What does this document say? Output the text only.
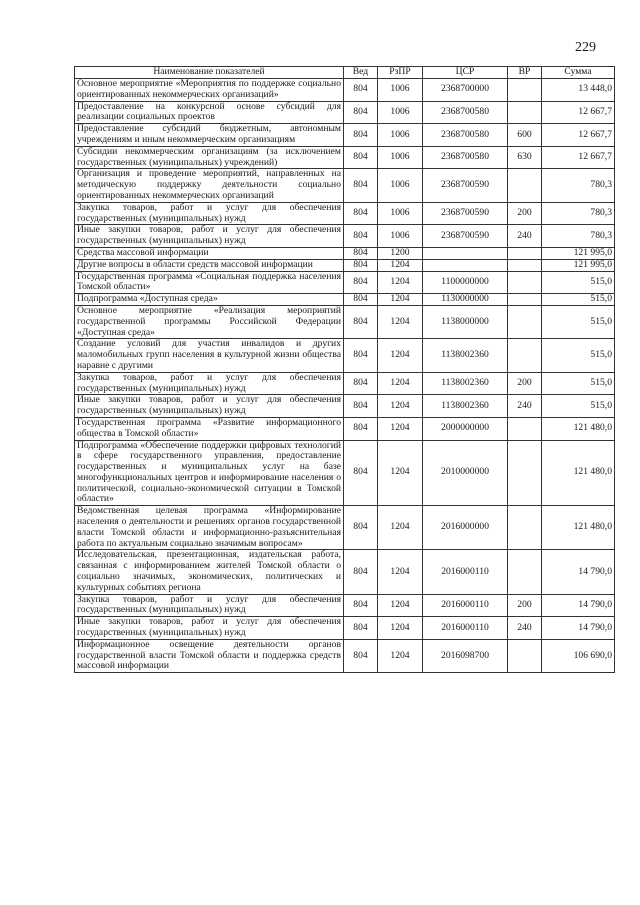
229
Наименование показателей	Вед	РзПР	ЦСР	ВР	Сумма
Основное мероприятие «Мероприятия по поддержке социально ориентированных некоммерческих организаций»	804	1006	2368700000		13 448,0
Предоставление на конкурсной основе субсидий для реализации социальных проектов	804	1006	2368700580		12 667,7
Предоставление субсидий бюджетным, автономным учреждениям и иным некоммерческим организациям	804	1006	2368700580	600	12 667,7
Субсидии некоммерческим организациям (за исключением государственных (муниципальных) учреждений)	804	1006	2368700580	630	12 667,7
Организация и проведение мероприятий, направленных на методическую поддержку деятельности социально ориентированных некоммерческих организаций	804	1006	2368700590		780,3
Закупка товаров, работ и услуг для обеспечения государственных (муниципальных) нужд	804	1006	2368700590	200	780,3
Иные закупки товаров, работ и услуг для обеспечения государственных (муниципальных) нужд	804	1006	2368700590	240	780,3
Средства массовой информации	804	1200			121 995,0
Другие вопросы в области средств массовой информации	804	1204			121 995,0
Государственная программа «Социальная поддержка населения Томской области»	804	1204	1100000000		515,0
Подпрограмма «Доступная среда»	804	1204	1130000000		515,0
Основное мероприятие «Реализация мероприятий государственной программы Российской Федерации «Доступная среда»	804	1204	1138000000		515,0
Создание условий для участия инвалидов и других маломобильных групп населения в культурной жизни общества наравне с другими	804	1204	1138002360		515,0
Закупка товаров, работ и услуг для обеспечения государственных (муниципальных) нужд	804	1204	1138002360	200	515,0
Иные закупки товаров, работ и услуг для обеспечения государственных (муниципальных) нужд	804	1204	1138002360	240	515,0
Государственная программа «Развитие информационного общества в Томской области»	804	1204	2000000000		121 480,0
Подпрограмма «Обеспечение поддержки цифровых технологий в сфере государственного управления, предоставление государственных и муниципальных услуг на базе многофункциональных центров и информирование населения о политической, социально-экономической ситуации в Томской области»	804	1204	2010000000		121 480,0
Ведомственная целевая программа «Информирование населения о деятельности и решениях органов государственной власти Томской области и информационно-разъяснительная работа по актуальным социально значимым вопросам»	804	1204	2016000000		121 480,0
Исследовательская, презентационная, издательская работа, связанная с информированием жителей Томской области о социально значимых, экономических, политических и культурных событиях региона	804	1204	2016000110		14 790,0
Закупка товаров, работ и услуг для обеспечения государственных (муниципальных) нужд	804	1204	2016000110	200	14 790,0
Иные закупки товаров, работ и услуг для обеспечения государственных (муниципальных) нужд	804	1204	2016000110	240	14 790,0
Информационное освещение деятельности органов государственной власти Томской области и поддержка средств массовой информации	804	1204	2016098700		106 690,0
